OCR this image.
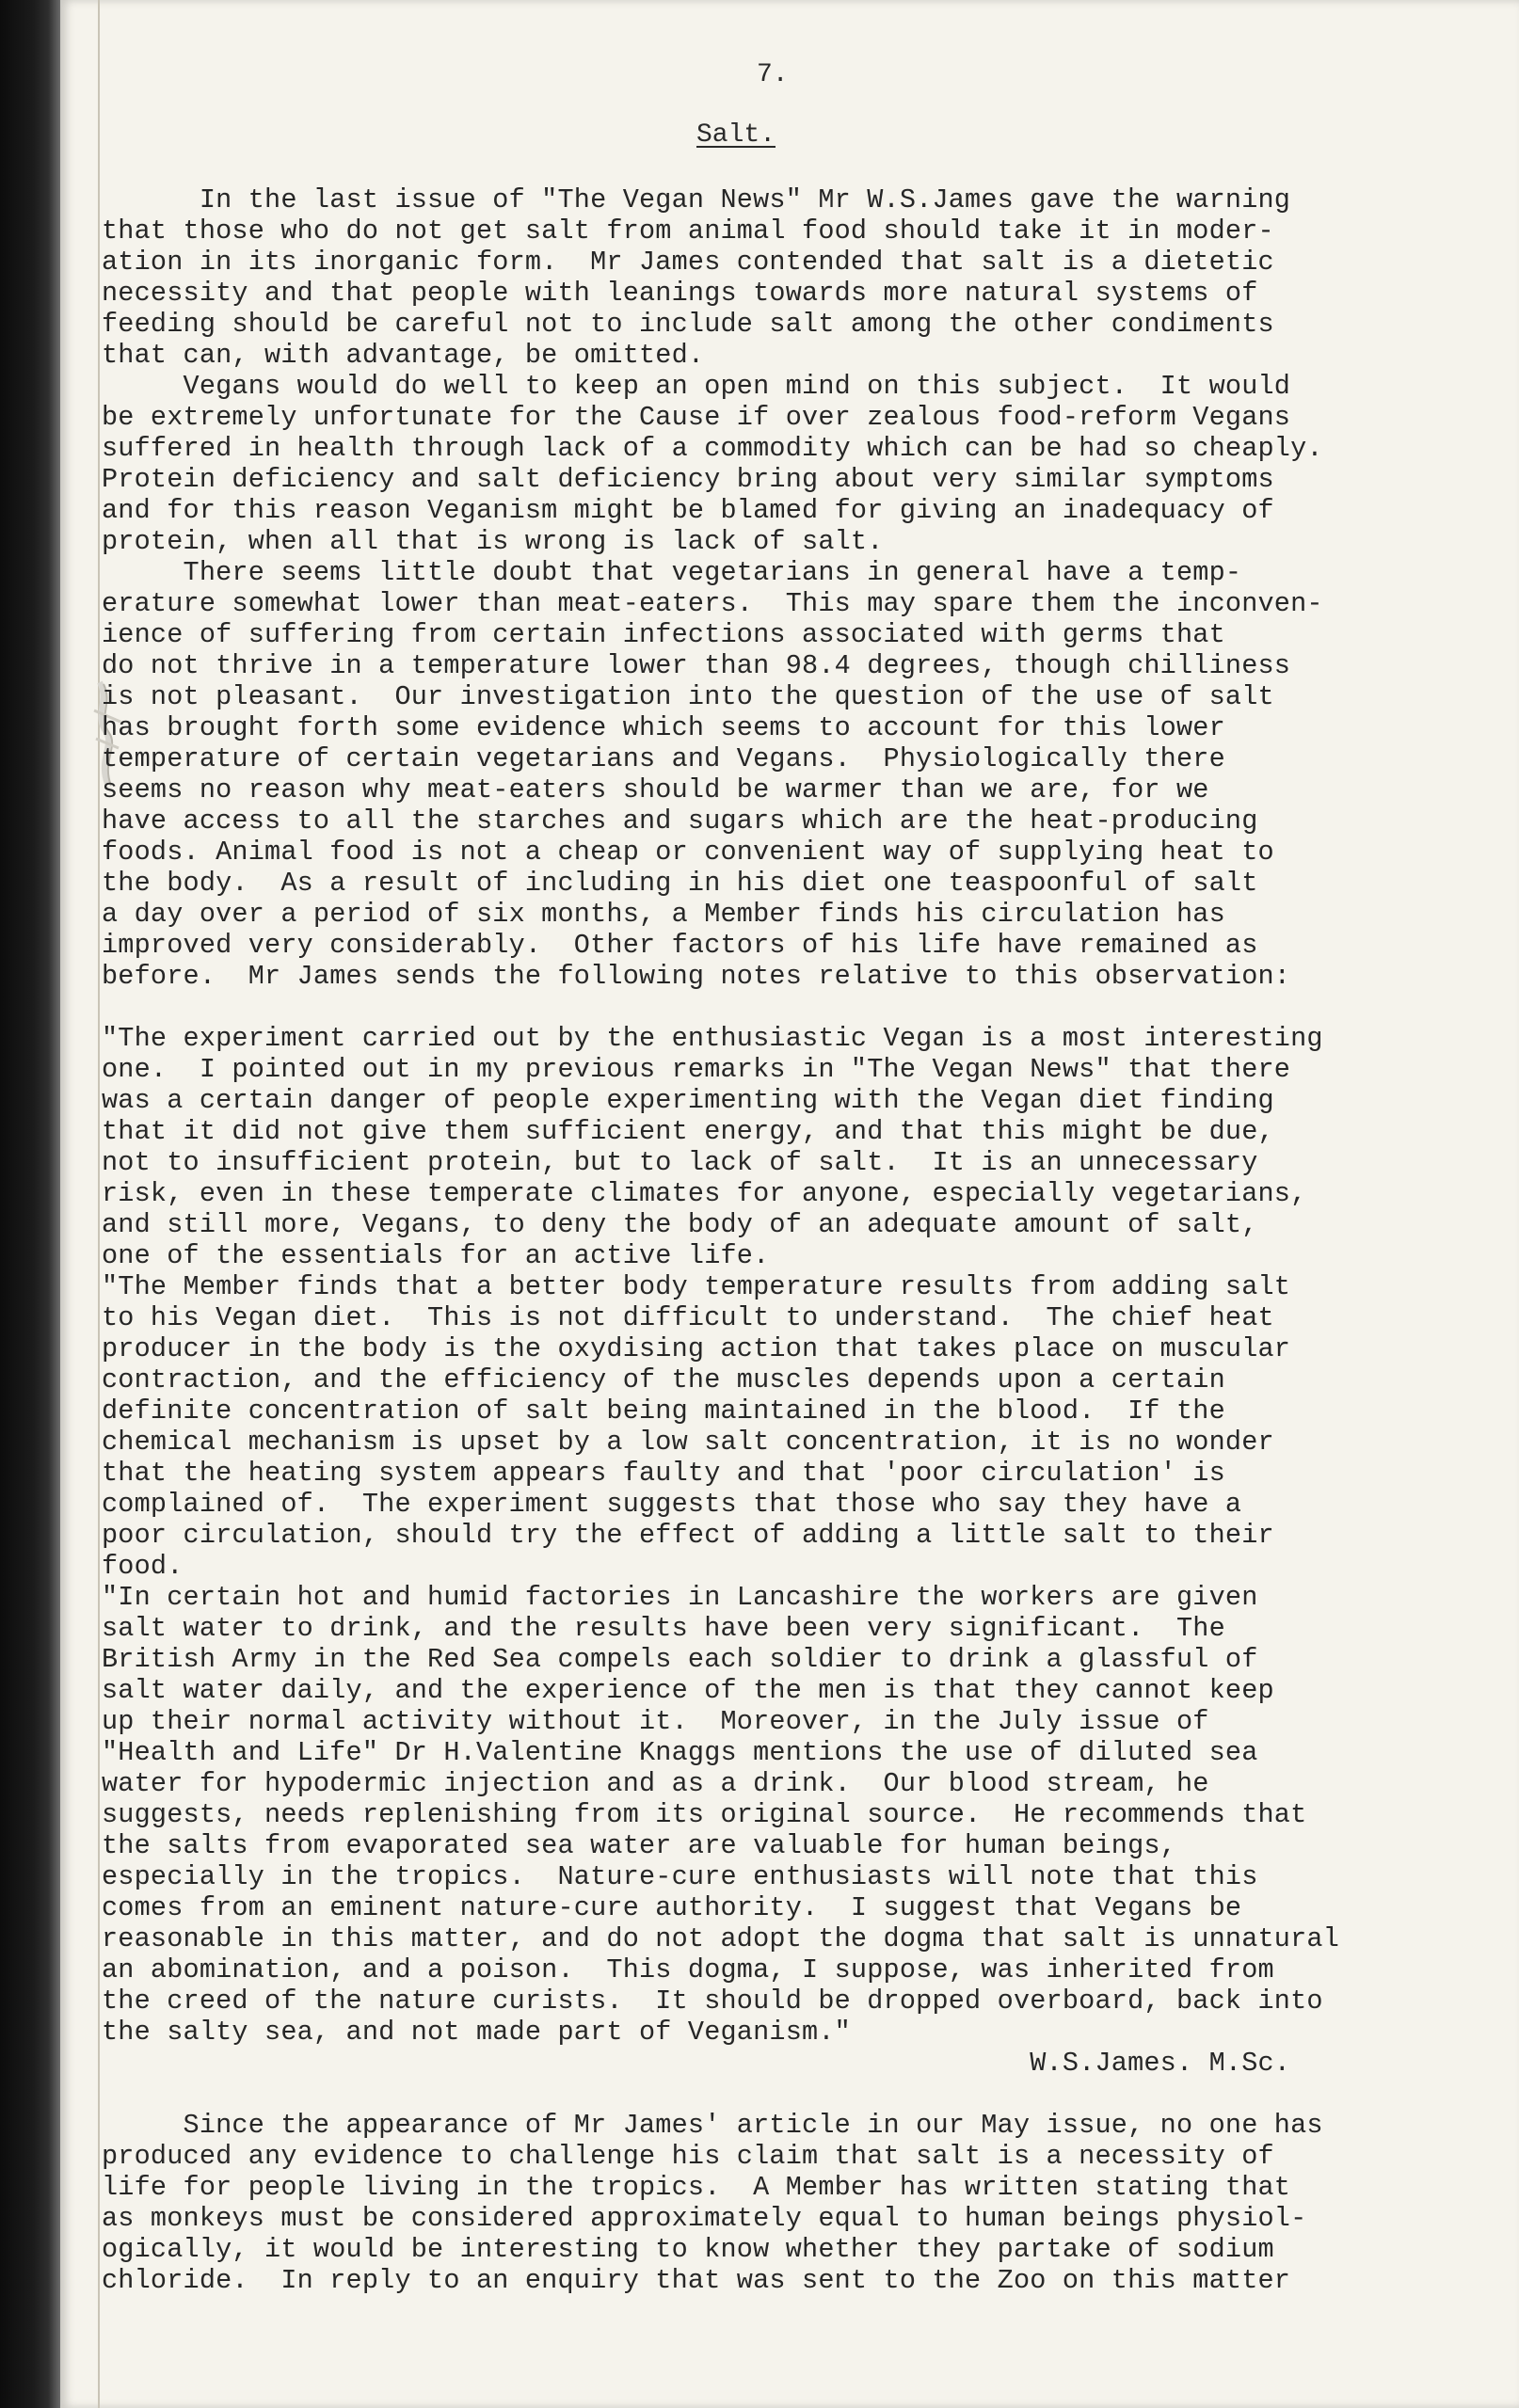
7.
Salt.
In the last issue of "The Vegan News" Mr W.S.James gave the warning
that those who do not get salt from animal food should take it in moder-
ation in its inorganic form.  Mr James contended that salt is a dietetic
necessity and that people with leanings towards more natural systems of
feeding should be careful not to include salt among the other condiments
that can, with advantage, be omitted.
Vegans would do well to keep an open mind on this subject.  It would
be extremely unfortunate for the Cause if over zealous food-reform Vegans
suffered in health through lack of a commodity which can be had so cheaply.
Protein deficiency and salt deficiency bring about very similar symptoms
and for this reason Veganism might be blamed for giving an inadequacy of
protein, when all that is wrong is lack of salt.
There seems little doubt that vegetarians in general have a temp-
erature somewhat lower than meat-eaters.  This may spare them the inconven-
ience of suffering from certain infections associated with germs that
do not thrive in a temperature lower than 98.4 degrees, though chilliness
is not pleasant.  Our investigation into the question of the use of salt
has brought forth some evidence which seems to account for this lower
temperature of certain vegetarians and Vegans.  Physiologically there
seems no reason why meat-eaters should be warmer than we are, for we
have access to all the starches and sugars which are the heat-producing
foods. Animal food is not a cheap or convenient way of supplying heat to
the body.  As a result of including in his diet one teaspoonful of salt
a day over a period of six months, a Member finds his circulation has
improved very considerably.  Other factors of his life have remained as
before.  Mr James sends the following notes relative to this observation:
"The experiment carried out by the enthusiastic Vegan is a most interesting
one.  I pointed out in my previous remarks in "The Vegan News" that there
was a certain danger of people experimenting with the Vegan diet finding
that it did not give them sufficient energy, and that this might be due,
not to insufficient protein, but to lack of salt.  It is an unnecessary
risk, even in these temperate climates for anyone, especially vegetarians,
and still more, Vegans, to deny the body of an adequate amount of salt,
one of the essentials for an active life.
"The Member finds that a better body temperature results from adding salt
to his Vegan diet.  This is not difficult to understand.  The chief heat
producer in the body is the oxydising action that takes place on muscular
contraction, and the efficiency of the muscles depends upon a certain
definite concentration of salt being maintained in the blood.  If the
chemical mechanism is upset by a low salt concentration, it is no wonder
that the heating system appears faulty and that 'poor circulation' is
complained of.  The experiment suggests that those who say they have a
poor circulation, should try the effect of adding a little salt to their
food.
"In certain hot and humid factories in Lancashire the workers are given
salt water to drink, and the results have been very significant.  The
British Army in the Red Sea compels each soldier to drink a glassful of
salt water daily, and the experience of the men is that they cannot keep
up their normal activity without it.  Moreover, in the July issue of
"Health and Life" Dr H.Valentine Knaggs mentions the use of diluted sea
water for hypodermic injection and as a drink.  Our blood stream, he
suggests, needs replenishing from its original source.  He recommends that
the salts from evaporated sea water are valuable for human beings,
especially in the tropics.  Nature-cure enthusiasts will note that this
comes from an eminent nature-cure authority.  I suggest that Vegans be
reasonable in this matter, and do not adopt the dogma that salt is unnatural
an abomination, and a poison.  This dogma, I suppose, was inherited from
the creed of the nature curists.  It should be dropped overboard, back into
the salty sea, and not made part of Veganism."
W.S.James. M.Sc.
Since the appearance of Mr James' article in our May issue, no one has
produced any evidence to challenge his claim that salt is a necessity of
life for people living in the tropics.  A Member has written stating that
as monkeys must be considered approximately equal to human beings physiol-
ogically, it would be interesting to know whether they partake of sodium
chloride.  In reply to an enquiry that was sent to the Zoo on this matter
